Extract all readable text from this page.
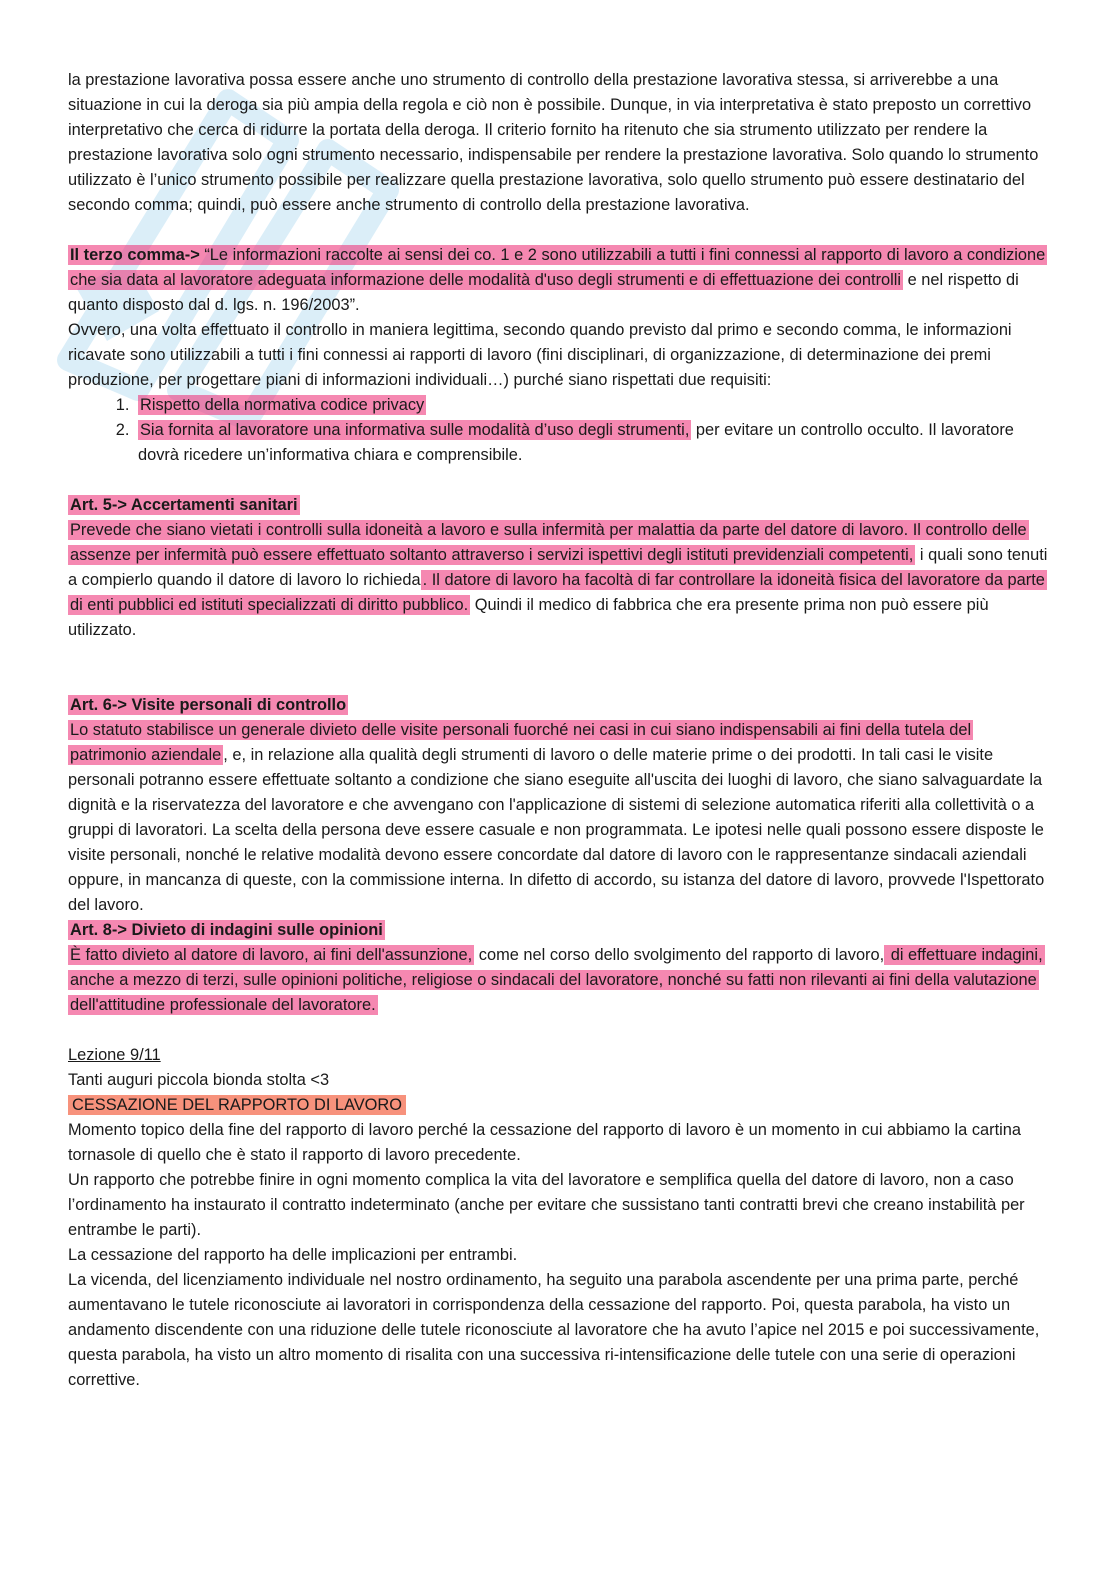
la prestazione lavorativa possa essere anche uno strumento di controllo della prestazione lavorativa stessa, si arriverebbe a una situazione in cui la deroga sia più ampia della regola e ciò non è possibile. Dunque, in via interpretativa è stato preposto un correttivo interpretativo che cerca di ridurre la portata della deroga. Il criterio fornito ha ritenuto che sia strumento utilizzato per rendere la prestazione lavorativa solo ogni strumento necessario, indispensabile per rendere la prestazione lavorativa. Solo quando lo strumento utilizzato è l’unico strumento possibile per realizzare quella prestazione lavorativa, solo quello strumento può essere destinatario del secondo comma; quindi, può essere anche strumento di controllo della prestazione lavorativa.

Il terzo comma-> “Le informazioni raccolte ai sensi dei co. 1 e 2 sono utilizzabili a tutti i fini connessi al rapporto di lavoro a condizione che sia data al lavoratore adeguata informazione delle modalità d'uso degli strumenti e di effettuazione dei controlli e nel rispetto di quanto disposto dal d. lgs. n. 196/2003”.

Ovvero, una volta effettuato il controllo in maniera legittima, secondo quando previsto dal primo e secondo comma, le informazioni ricavate sono utilizzabili a tutti i fini connessi ai rapporti di lavoro (fini disciplinari, di organizzazione, di determinazione dei premi produzione, per progettare piani di informazioni individuali…) purché siano rispettati due requisiti:

1. Rispetto della normativa codice privacy
2. Sia fornita al lavoratore una informativa sulle modalità d’uso degli strumenti, per evitare un controllo occulto. Il lavoratore dovrà ricedere un’informativa chiara e comprensibile.

Art. 5-> Accertamenti sanitari

Prevede che siano vietati i controlli sulla idoneità a lavoro e sulla infermità per malattia da parte del datore di lavoro. Il controllo delle assenze per infermità può essere effettuato soltanto attraverso i servizi ispettivi degli istituti previdenziali competenti, i quali sono tenuti a compierlo quando il datore di lavoro lo richieda . Il datore di lavoro ha facoltà di far controllare la idoneità fisica del lavoratore da parte di enti pubblici ed istituti specializzati di diritto pubblico. Quindi il medico di fabbrica che era presente prima non può essere più utilizzato.

Art. 6-> Visite personali di controllo

Lo statuto stabilisce un generale divieto delle visite personali fuorché nei casi in cui siano indispensabili ai fini della tutela del patrimonio aziendale , e, in relazione alla qualità degli strumenti di lavoro o delle materie prime o dei prodotti. In tali casi le visite personali potranno essere effettuate soltanto a condizione che siano eseguite all'uscita dei luoghi di lavoro, che siano salvaguardate la dignità e la riservatezza del lavoratore e che avvengano con l'applicazione di sistemi di selezione automatica riferiti alla collettività o a gruppi di lavoratori. La scelta della persona deve essere casuale e non programmata. Le ipotesi nelle quali possono essere disposte le visite personali, nonché le relative modalità devono essere concordate dal datore di lavoro con le rappresentanze sindacali aziendali oppure, in mancanza di queste, con la commissione interna. In difetto di accordo, su istanza del datore di lavoro, provvede l'Ispettorato del lavoro.

Art. 8-> Divieto di indagini sulle opinioni

È fatto divieto al datore di lavoro, ai fini dell'assunzione, come nel corso dello svolgimento del rapporto di lavoro, di effettuare indagini, anche a mezzo di terzi, sulle opinioni politiche, religiose o sindacali del lavoratore, nonché su fatti non rilevanti ai fini della valutazione dell'attitudine professionale del lavoratore.

Lezione 9/11

Tanti auguri piccola bionda stolta <3

CESSAZIONE DEL RAPPORTO DI LAVORO

Momento topico della fine del rapporto di lavoro perché la cessazione del rapporto di lavoro è un momento in cui abbiamo la cartina tornasole di quello che è stato il rapporto di lavoro precedente.

Un rapporto che potrebbe finire in ogni momento complica la vita del lavoratore e semplifica quella del datore di lavoro, non a caso l’ordinamento ha instaurato il contratto indeterminato (anche per evitare che sussistano tanti contratti brevi che creano instabilità per entrambe le parti).

La cessazione del rapporto ha delle implicazioni per entrambi.

La vicenda, del licenziamento individuale nel nostro ordinamento, ha seguito una parabola ascendente per una prima parte, perché aumentavano le tutele riconosciute ai lavoratori in corrispondenza della cessazione del rapporto. Poi, questa parabola, ha visto un andamento discendente con una riduzione delle tutele riconosciute al lavoratore che ha avuto l’apice nel 2015 e poi successivamente, questa parabola, ha visto un altro momento di risalita con una successiva ri-intensificazione delle tutele con una serie di operazioni correttive.
